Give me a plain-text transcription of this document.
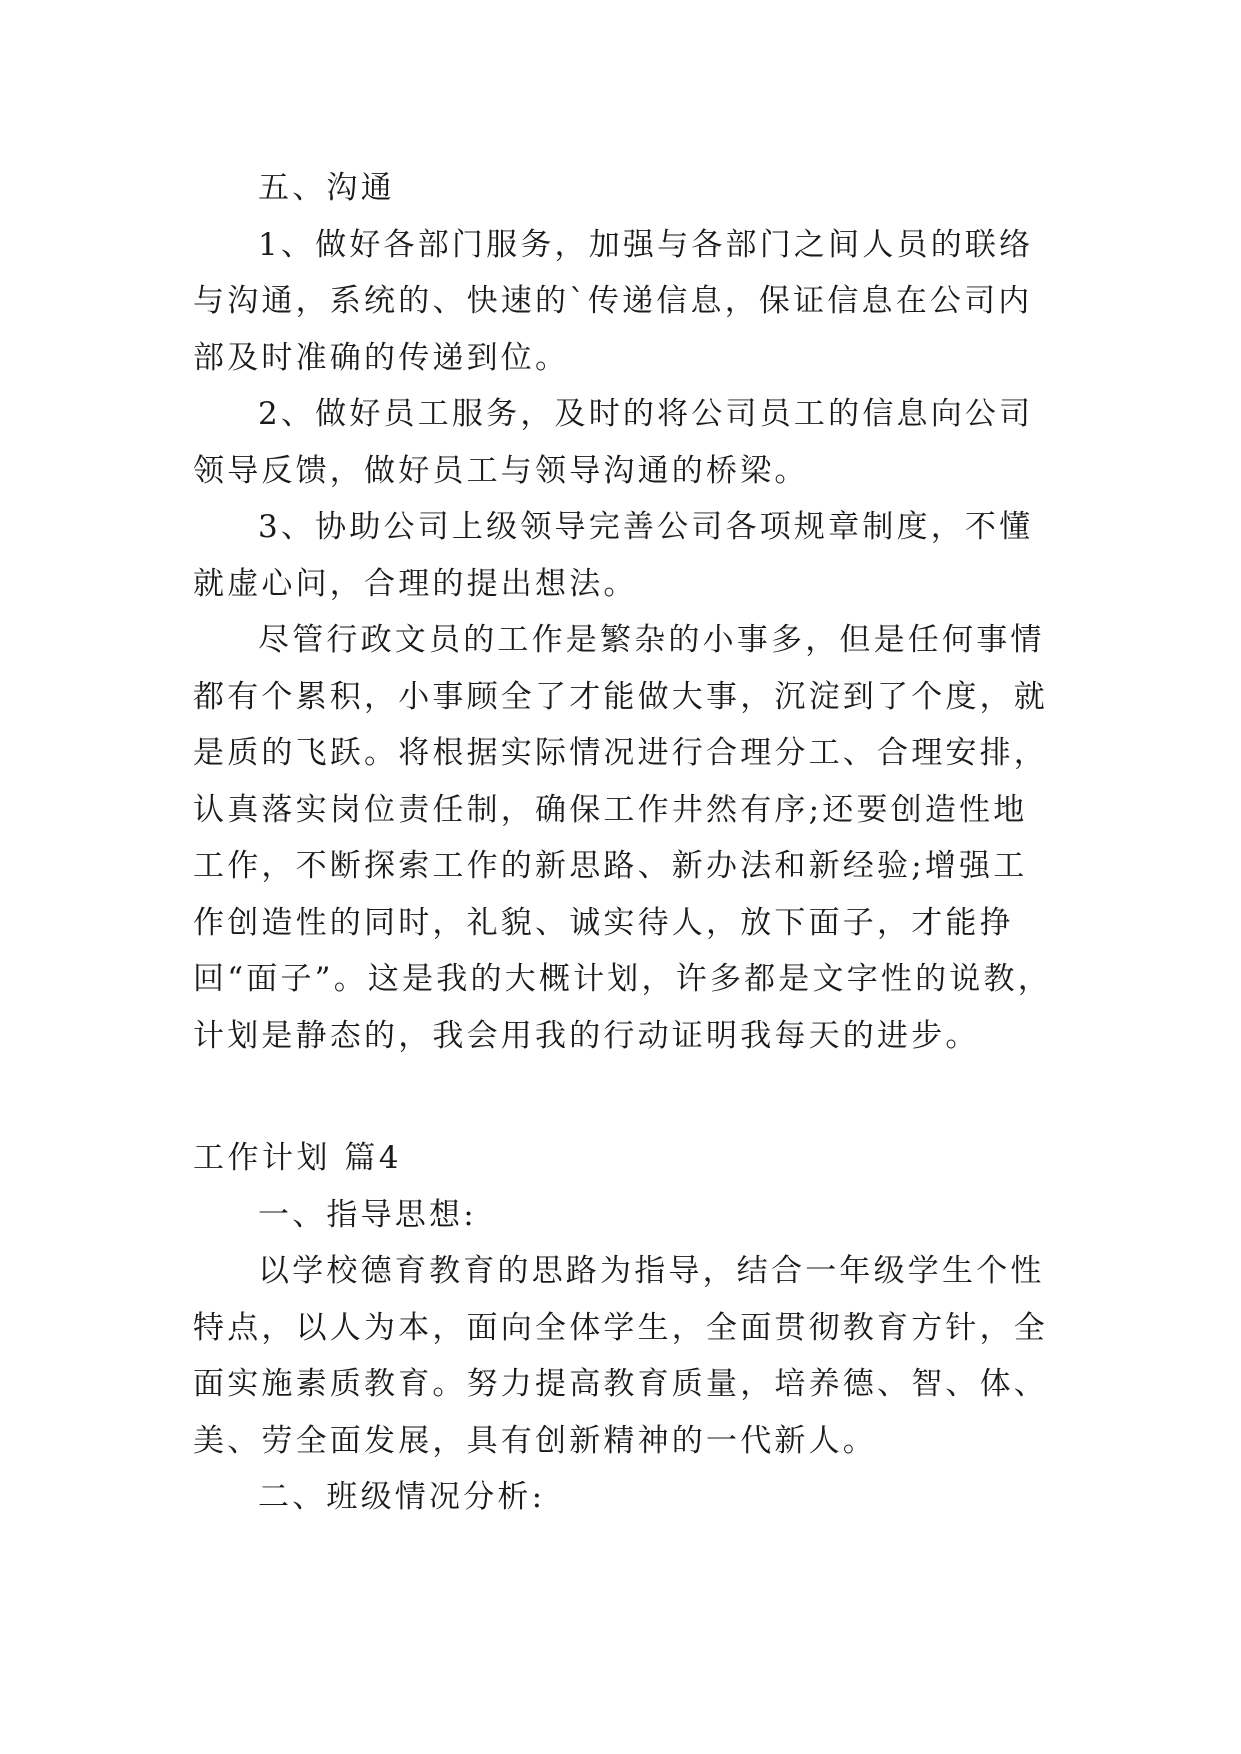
五、沟通

1、做好各部门服务，加强与各部门之间人员的联络与沟通，系统的、快速的`传递信息，保证信息在公司内部及时准确的传递到位。

2、做好员工服务，及时的将公司员工的信息向公司领导反馈，做好员工与领导沟通的桥梁。

3、协助公司上级领导完善公司各项规章制度，不懂就虚心问，合理的提出想法。

尽管行政文员的工作是繁杂的小事多，但是任何事情都有个累积，小事顾全了才能做大事，沉淀到了个度，就是质的飞跃。将根据实际情况进行合理分工、合理安排，认真落实岗位责任制，确保工作井然有序;还要创造性地工作，不断探索工作的新思路、新办法和新经验;增强工作创造性的同时，礼貌、诚实待人，放下面子，才能挣回“面子”。这是我的大概计划，许多都是文字性的说教，计划是静态的，我会用我的行动证明我每天的进步。

工作计划 篇4

一、指导思想:

以学校德育教育的思路为指导，结合一年级学生个性特点，以人为本，面向全体学生，全面贯彻教育方针，全面实施素质教育。努力提高教育质量，培养德、智、体、美、劳全面发展，具有创新精神的一代新人。

二、班级情况分析:
